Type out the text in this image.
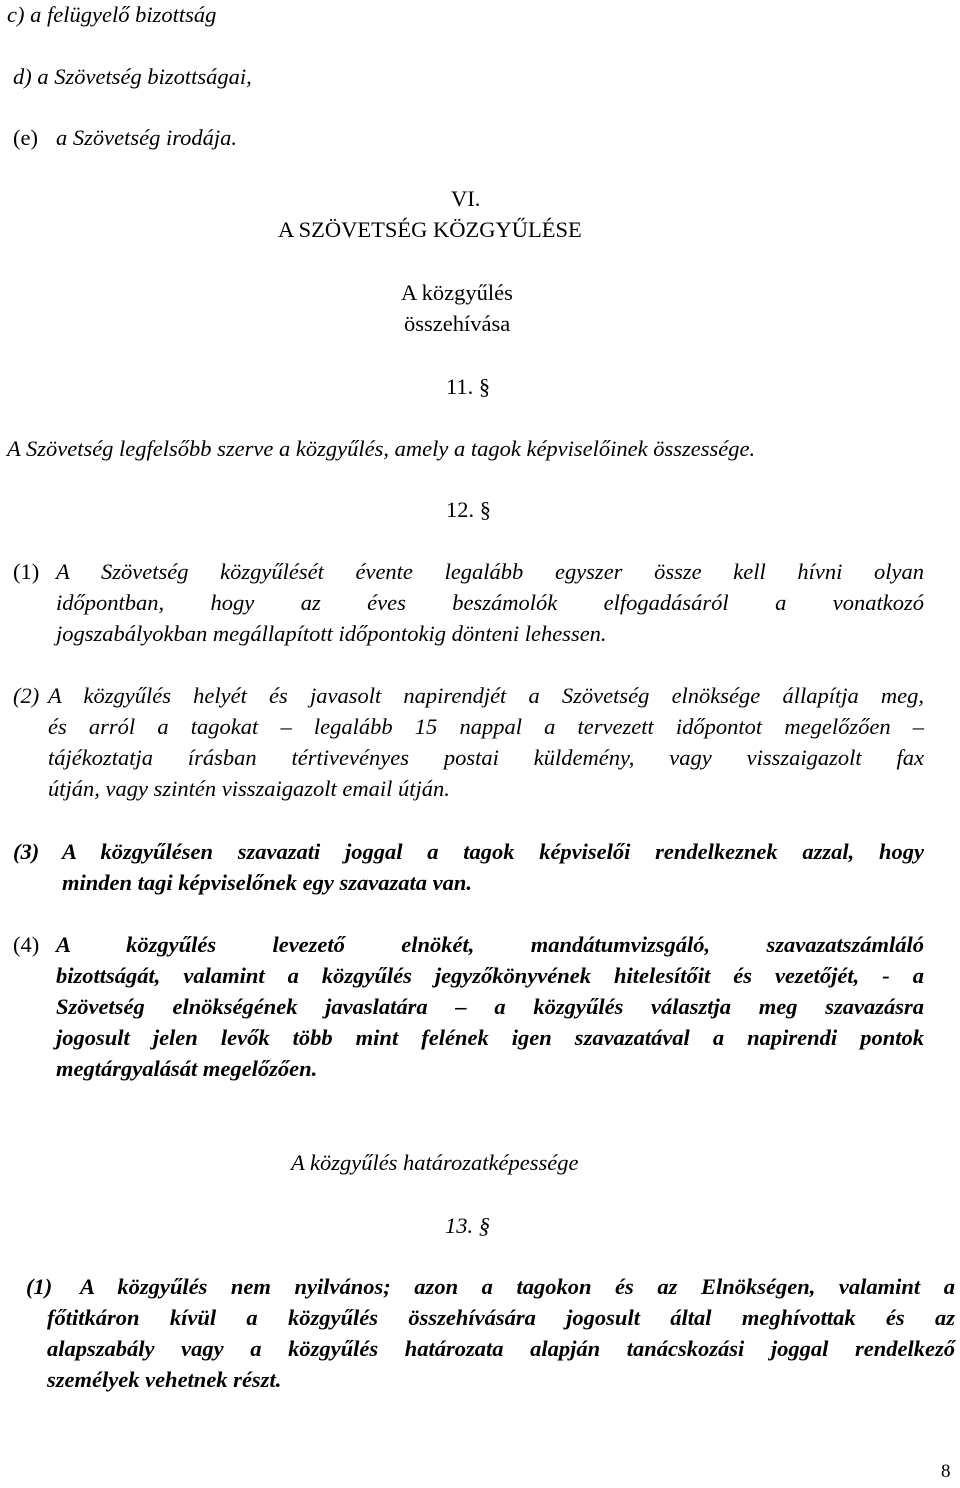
c) a felügyelő bizottság
d) a Szövetség bizottságai,
(e) a Szövetség irodája.
VI.
A SZÖVETSÉG KÖZGYŰLÉSE
A közgyűlés
összehívása
11. §
A Szövetség legfelsőbb szerve a közgyűlés, amely a tagok képviselőinek összessége.
12. §
(1) A Szövetség közgyűlését évente legalább egyszer össze kell hívni olyan
időpontban, hogy az éves beszámolók elfogadásáról a vonatkozó
jogszabályokban megállapított időpontokig dönteni lehessen.
(2) A közgyűlés helyét és javasolt napirendjét a Szövetség elnöksége állapítja meg,
és arról a tagokat – legalább 15 nappal a tervezett időpontot megelőzően –
tájékoztatja írásban tértivevényes postai küldemény, vagy visszaigazolt fax
útján, vagy szintén visszaigazolt email útján.
(3) A közgyűlésen szavazati joggal a tagok képviselői rendelkeznek azzal, hogy
minden tagi képviselőnek egy szavazata van.
(4) A közgyűlés levezető elnökét, mandátumvizsgáló, szavazatszámláló
bizottságát, valamint a közgyűlés jegyzőkönyvének hitelesítőit és vezetőjét, - a
Szövetség elnökségének javaslatára – a közgyűlés választja meg szavazásra
jogosult jelen levők több mint felének igen szavazatával a napirendi pontok
megtárgyalását megelőzően.
A közgyűlés határozatképessége
13. §
(1) A közgyűlés nem nyilvános; azon a tagokon és az Elnökségen, valamint a
főtitkáron kívül a közgyűlés összehívására jogosult által meghívottak és az
alapszabály vagy a közgyűlés határozata alapján tanácskozási joggal rendelkező
személyek vehetnek részt.
8
